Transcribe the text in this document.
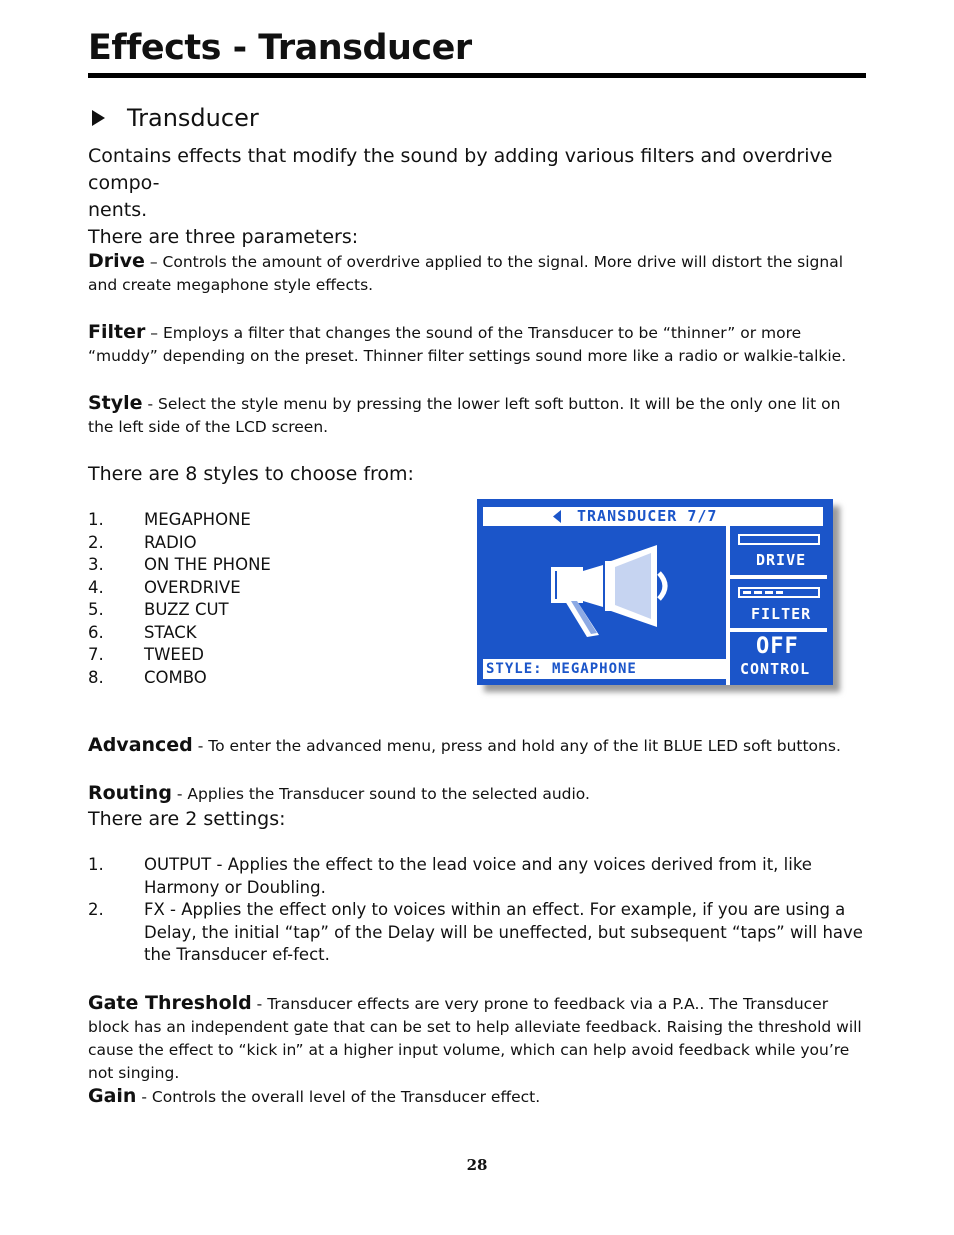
Effects - Transducer
Transducer
Contains effects that modify the sound by adding various filters and overdrive compo-
nents.
There are three parameters:
Drive – Controls the amount of overdrive applied to the signal. More drive will distort the signal and create megaphone style effects.
Filter – Employs a filter that changes the sound of the Transducer to be “thinner” or more “muddy” depending on the preset. Thinner filter settings sound more like a radio or walkie-talkie.
Style - Select the style menu by pressing the lower left soft button. It will be the only one lit on the left side of the LCD screen.
There are 8 styles to choose from:
1.	MEGAPHONE
2.	RADIO
3.	ON THE PHONE
4.	OVERDRIVE
5.	BUZZ CUT
6.	STACK
7.	TWEED
8.	COMBO
TRANSDUCER 7/7
DRIVE
FILTER
OFF
CONTROL
STYLE: MEGAPHONE
Advanced - To enter the advanced menu, press and hold any of the lit BLUE LED soft buttons.
Routing - Applies the Transducer sound to the selected audio.
There are 2 settings:
1.	OUTPUT - Applies the effect to the lead voice and any voices derived from it, like Harmony or Doubling.
2.	FX - Applies the effect only to voices within an effect. For example, if you are using a Delay, the initial “tap” of the Delay will be uneffected, but subsequent “taps” will have the Transducer ef-fect.
Gate Threshold - Transducer effects are very prone to feedback via a P.A.. The Transducer block has an independent gate that can be set to help alleviate feedback. Raising the threshold will cause the effect to “kick in” at a higher input volume, which can help avoid feedback while you’re not singing.
Gain - Controls the overall level of the Transducer effect.
28
